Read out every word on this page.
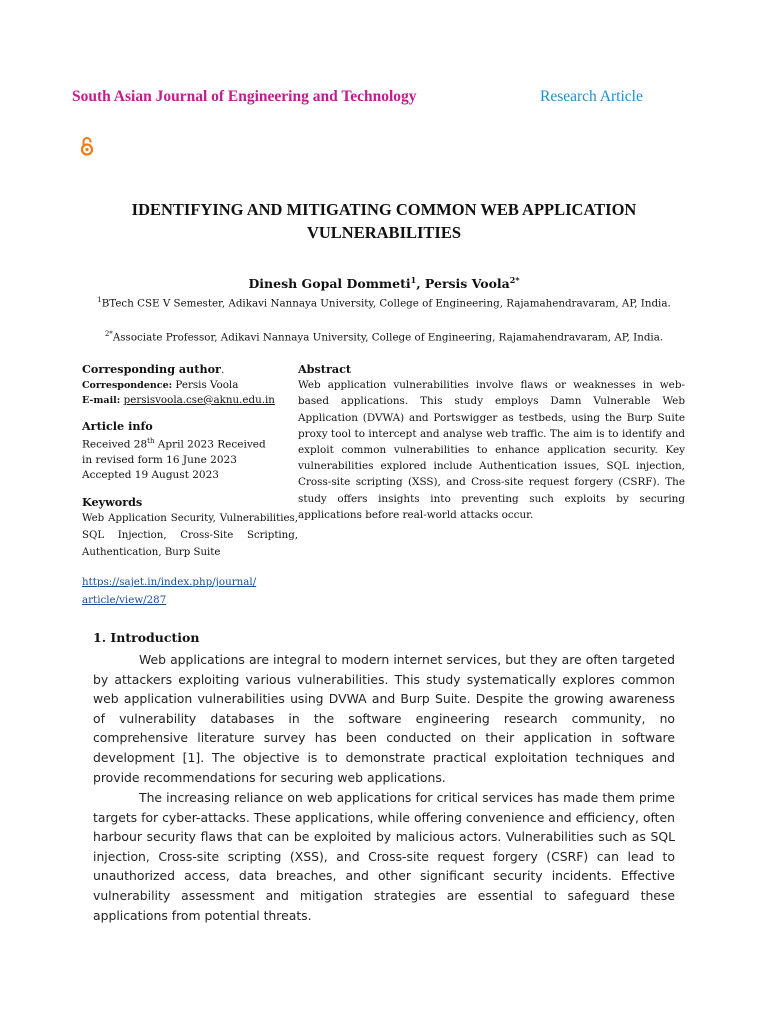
South Asian Journal of Engineering and Technology	Research Article
IDENTIFYING AND MITIGATING COMMON WEB APPLICATION VULNERABILITIES
Dinesh Gopal Dommeti$^1$, Persis Voola$^{2*}$
$^1$BTech CSE V Semester, Adikavi Nannaya University, College of Engineering, Rajamahendravaram, AP, India.
$^{2*}$Associate Professor, Adikavi Nannaya University, College of Engineering, Rajamahendravaram, AP, India.
Corresponding author.
Correspondence: Persis Voola
E-mail: persisvoola.cse@aknu.edu.in
Article info
Received 28th April 2023 Received
in revised form 16 June 2023
Accepted 19 August 2023
Keywords
Web Application Security, Vulnerabilities, SQL Injection, Cross-Site Scripting, Authentication, Burp Suite
https://sajet.in/index.php/journal/
article/view/287
Abstract
Web application vulnerabilities involve flaws or weaknesses in web-based applications. This study employs Damn Vulnerable Web Application (DVWA) and Portswigger as testbeds, using the Burp Suite proxy tool to intercept and analyse web traffic. The aim is to identify and exploit common vulnerabilities to enhance application security. Key vulnerabilities explored include Authentication issues, SQL injection, Cross-site scripting (XSS), and Cross-site request forgery (CSRF). The study offers insights into preventing such exploits by securing applications before real-world attacks occur.
1. Introduction
Web applications are integral to modern internet services, but they are often targeted by attackers exploiting various vulnerabilities. This study systematically explores common web application vulnerabilities using DVWA and Burp Suite. Despite the growing awareness of vulnerability databases in the software engineering research community, no comprehensive literature survey has been conducted on their application in software development [1]. The objective is to demonstrate practical exploitation techniques and provide recommendations for securing web applications.
The increasing reliance on web applications for critical services has made them prime targets for cyber-attacks. These applications, while offering convenience and efficiency, often harbour security flaws that can be exploited by malicious actors. Vulnerabilities such as SQL injection, Cross-site scripting (XSS), and Cross-site request forgery (CSRF) can lead to unauthorized access, data breaches, and other significant security incidents. Effective vulnerability assessment and mitigation strategies are essential to safeguard these applications from potential threats.
